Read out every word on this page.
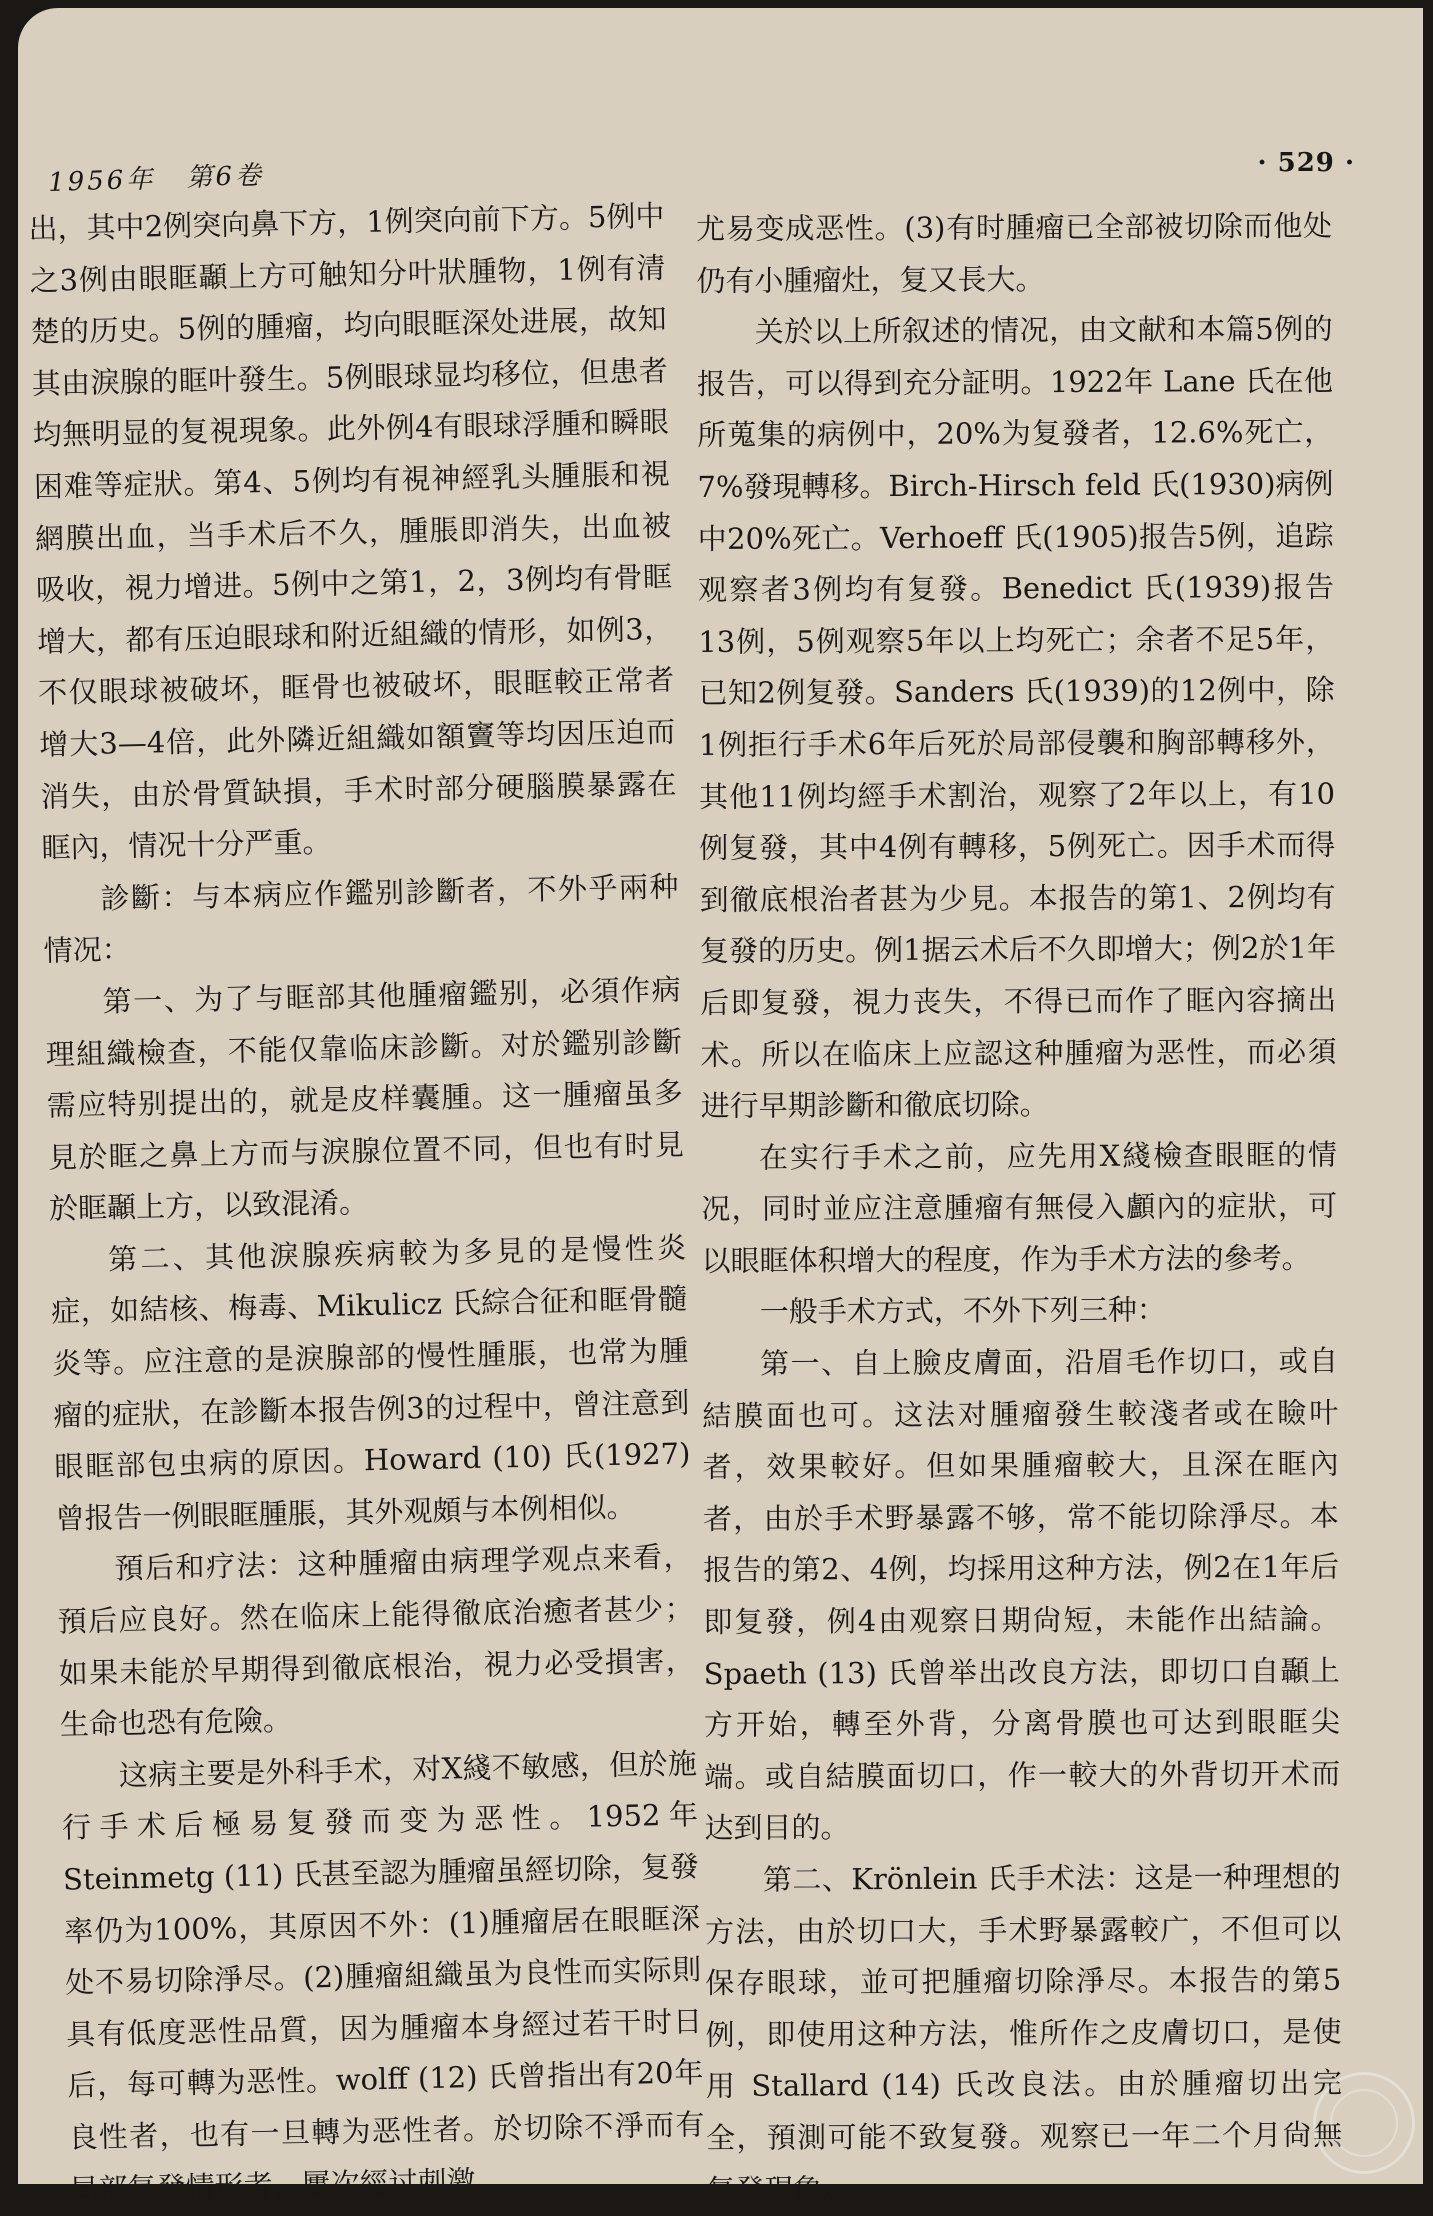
1956年 第6卷	· 529 ·

出，其中2例突向鼻下方，1例突向前下方。5例中之3例由眼眶顳上方可触知分叶狀腫物，1例有清楚的历史。5例的腫瘤，均向眼眶深处进展，故知其由淚腺的眶叶發生。5例眼球显均移位，但患者均無明显的复視現象。此外例4有眼球浮腫和瞬眼困难等症狀。第4、5例均有視神經乳头腫脹和視網膜出血，当手术后不久，腫脹即消失，出血被吸收，視力增进。5例中之第1，2，3例均有骨眶增大，都有压迫眼球和附近組織的情形，如例3，不仅眼球被破坏，眶骨也被破坏，眼眶較正常者增大3—4倍，此外隣近組織如額竇等均因压迫而消失，由於骨質缺損，手术时部分硬腦膜暴露在眶內，情况十分严重。

診斷：与本病应作鑑别診斷者，不外乎兩种情况：

第一、为了与眶部其他腫瘤鑑别，必須作病理組織檢查，不能仅靠临床診斷。对於鑑别診斷需应特别提出的，就是皮样囊腫。这一腫瘤虽多見於眶之鼻上方而与淚腺位置不同，但也有时見於眶顳上方，以致混淆。

第二、其他淚腺疾病較为多見的是慢性炎症，如結核、梅毒、Mikulicz 氏綜合征和眶骨髓炎等。应注意的是淚腺部的慢性腫脹，也常为腫瘤的症狀，在診斷本报告例3的过程中，曾注意到眼眶部包虫病的原因。Howard (10) 氏(1927)曾报告一例眼眶腫脹，其外观頗与本例相似。

預后和疗法：这种腫瘤由病理学观点来看，預后应良好。然在临床上能得徹底治癒者甚少；如果未能於早期得到徹底根治，視力必受損害，生命也恐有危險。

这病主要是外科手术，对X綫不敏感，但於施行手术后極易复發而变为恶性。1952年 Steinmetg (11) 氏甚至認为腫瘤虽經切除，复發率仍为100%，其原因不外：(1)腫瘤居在眼眶深处不易切除淨尽。(2)腫瘤組織虽为良性而实际則具有低度恶性品質，因为腫瘤本身經过若干时日后，每可轉为恶性。wolff (12) 氏曾指出有20年良性者，也有一旦轉为恶性者。於切除不淨而有局部复發情形者，屢次經过刺激，

尤易变成恶性。(3)有时腫瘤已全部被切除而他处仍有小腫瘤灶，复又長大。

关於以上所叙述的情况，由文献和本篇5例的报告，可以得到充分証明。1922年 Lane 氏在他所蒐集的病例中，20%为复發者，12.6%死亡，7%發現轉移。Birch-Hirsch feld 氏(1930)病例中20%死亡。Verhoeff 氏(1905)报告5例，追踪观察者3例均有复發。Benedict 氏(1939)报告13例，5例观察5年以上均死亡；余者不足5年，已知2例复發。Sanders 氏(1939)的12例中，除1例拒行手术6年后死於局部侵襲和胸部轉移外，其他11例均經手术割治，观察了2年以上，有10例复發，其中4例有轉移，5例死亡。因手术而得到徹底根治者甚为少見。本报告的第1、2例均有复發的历史。例1据云术后不久即增大；例2於1年后即复發，視力丧失，不得已而作了眶內容摘出术。所以在临床上应認这种腫瘤为恶性，而必須进行早期診斷和徹底切除。

在实行手术之前，应先用X綫檢查眼眶的情况，同时並应注意腫瘤有無侵入顱內的症狀，可以眼眶体积增大的程度，作为手术方法的參考。

一般手术方式，不外下列三种：

第一、自上臉皮膚面，沿眉毛作切口，或自結膜面也可。这法对腫瘤發生較淺者或在瞼叶者，效果較好。但如果腫瘤較大，且深在眶內者，由於手术野暴露不够，常不能切除淨尽。本报告的第2、4例，均採用这种方法，例2在1年后即复發，例4由观察日期尙短，未能作出結論。Spaeth (13) 氏曾举出改良方法，即切口自顳上方开始，轉至外背，分离骨膜也可达到眼眶尖端。或自結膜面切口，作一較大的外背切开术而达到目的。

第二、Krönlein 氏手术法：这是一种理想的方法，由於切口大，手术野暴露較广，不但可以保存眼球，並可把腫瘤切除淨尽。本报告的第5例，即使用这种方法，惟所作之皮膚切口，是使用 Stallard (14) 氏改良法。由於腫瘤切出完全，預測可能不致复發。观察已一年二个月尙無复發現象。
